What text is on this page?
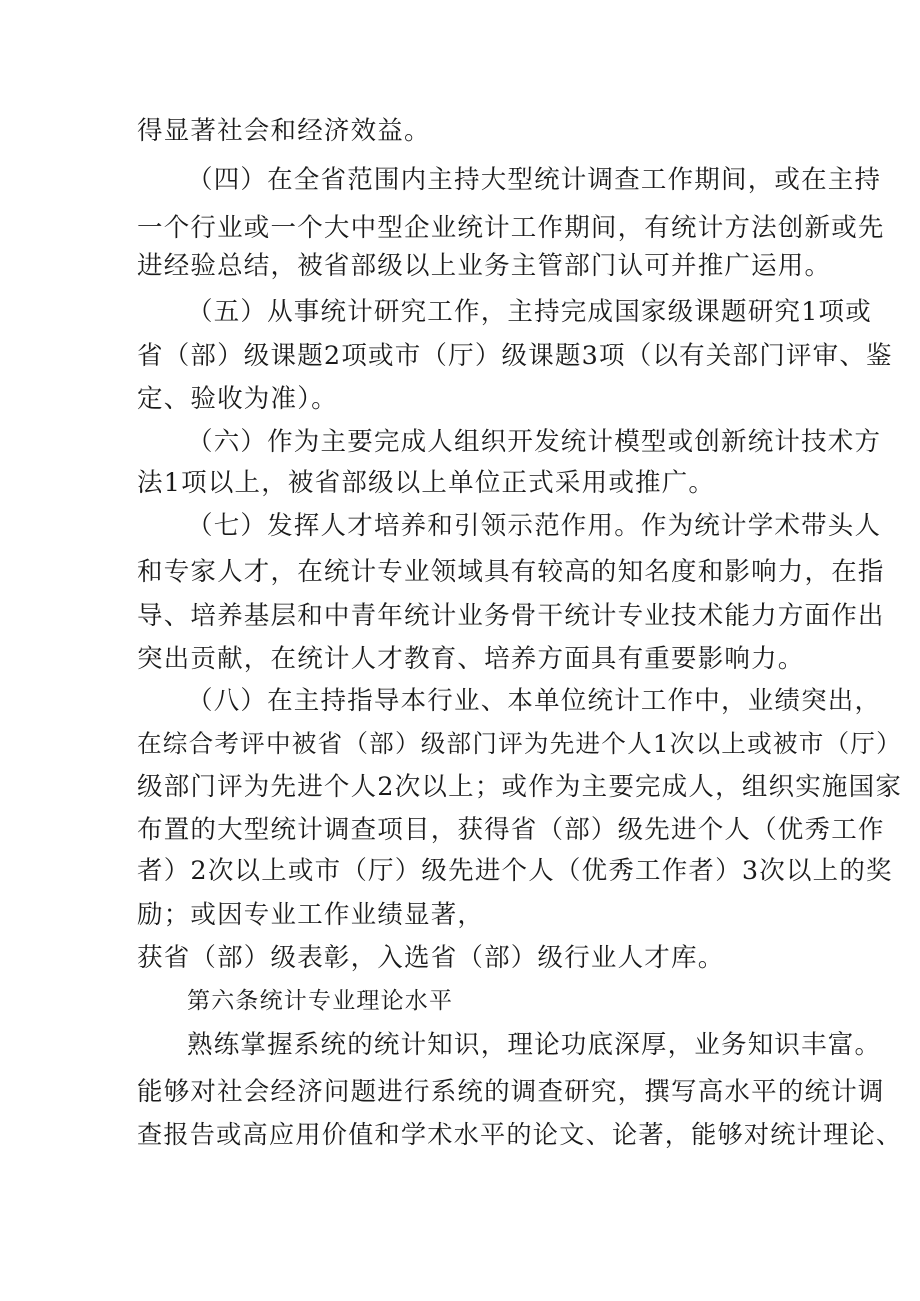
得显著社会和经济效益。
（四）在全省范围内主持大型统计调查工作期间，或在主持
一个行业或一个大中型企业统计工作期间，有统计方法创新或先
进经验总结，被省部级以上业务主管部门认可并推广运用。
（五）从事统计研究工作，主持完成国家级课题研究1项或
省（部）级课题2项或市（厅）级课题3项（以有关部门评审、鉴
定、验收为准）。
（六）作为主要完成人组织开发统计模型或创新统计技术方
法1项以上，被省部级以上单位正式采用或推广。
（七）发挥人才培养和引领示范作用。作为统计学术带头人
和专家人才，在统计专业领域具有较高的知名度和影响力，在指
导、培养基层和中青年统计业务骨干统计专业技术能力方面作出
突出贡献，在统计人才教育、培养方面具有重要影响力。
（八）在主持指导本行业、本单位统计工作中，业绩突出，
在综合考评中被省（部）级部门评为先进个人1次以上或被市（厅）
级部门评为先进个人2次以上；或作为主要完成人，组织实施国家
布置的大型统计调查项目，获得省（部）级先进个人（优秀工作
者）2次以上或市（厅）级先进个人（优秀工作者）3次以上的奖
励；或因专业工作业绩显著，
获省（部）级表彰，入选省（部）级行业人才库。
第六条统计专业理论水平
熟练掌握系统的统计知识，理论功底深厚，业务知识丰富。
能够对社会经济问题进行系统的调查研究，撰写高水平的统计调
查报告或高应用价值和学术水平的论文、论著，能够对统计理论、
